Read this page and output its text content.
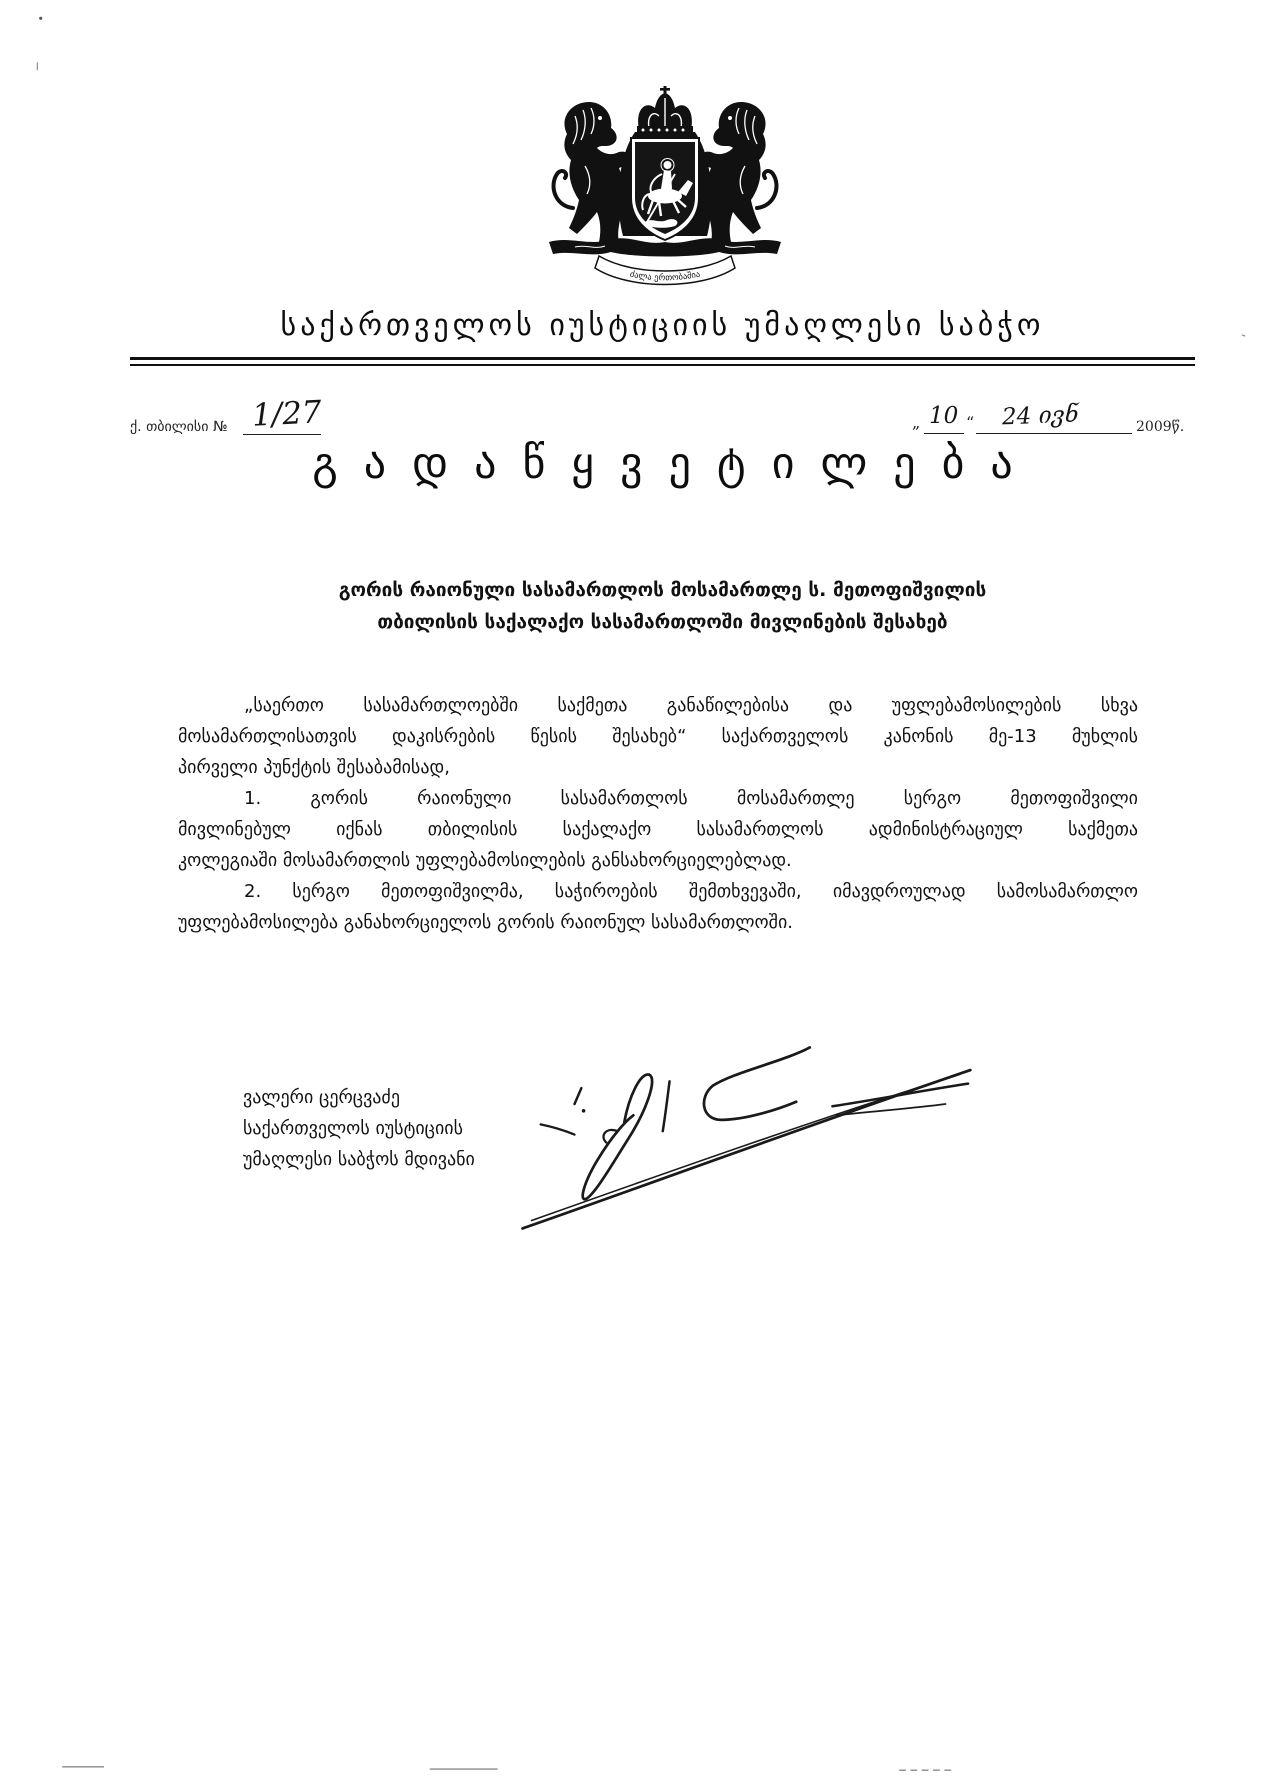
ძალა ერთობაშია
საქართველოს იუსტიციის უმაღლესი საბჭო
ქ. თბილისი № 1/27	„ 10 “ 24 ივნ	2009წ.
გადაწყვეტილება
გორის რაიონული სასამართლოს მოსამართლე ს. მეთოფიშვილის
თბილისის საქალაქო სასამართლოში მივლინების შესახებ
„საერთო სასამართლოებში საქმეთა განაწილებისა და უფლებამოსილების სხვა
მოსამართლისათვის დაკისრების წესის შესახებ“ საქართველოს კანონის მე-13 მუხლის
პირველი პუნქტის შესაბამისად,
1. გორის რაიონული სასამართლოს მოსამართლე სერგო მეთოფიშვილი
მივლინებულ იქნას თბილისის საქალაქო სასამართლოს ადმინისტრაციულ საქმეთა
კოლეგიაში მოსამართლის უფლებამოსილების განსახორციელებლად.
2. სერგო მეთოფიშვილმა, საჭიროების შემთხვევაში, იმავდროულად სამოსამართლო
უფლებამოსილება განახორციელოს გორის რაიონულ სასამართლოში.
ვალერი ცერცვაძე
საქართველოს იუსტიციის
უმაღლესი საბჭოს მდივანი
